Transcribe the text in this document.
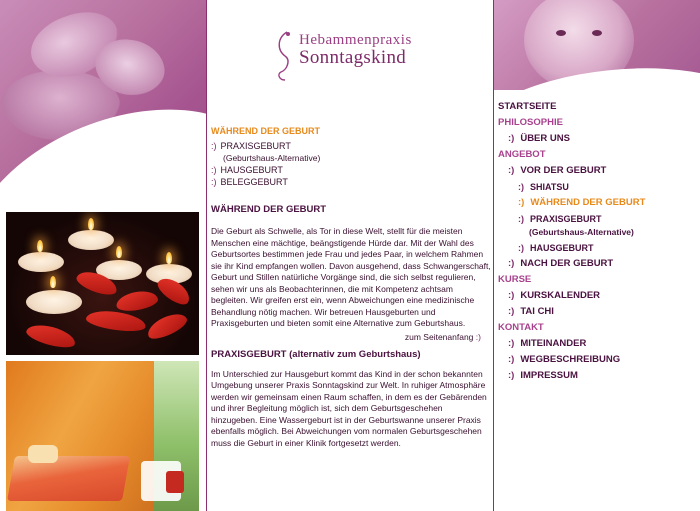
Hebammenpraxis
Sonntagskind
WÄHREND DER GEBURT
:) PRAXISGEBURT
(Geburtshaus-Alternative)
:) HAUSGEBURT
:) BELEGGEBURT
WÄHREND DER GEBURT

Die Geburt als Schwelle, als Tor in diese Welt, stellt für die meisten Menschen eine mächtige, beängstigende Hürde dar. Mit der Wahl des Geburtsortes bestimmen jede Frau und jedes Paar, in welchem Rahmen sie ihr Kind empfangen wollen. Davon ausgehend, dass Schwangerschaft, Geburt und Stillen natürliche Vorgänge sind, die sich selbst regulieren, sehen wir uns als Beobachterinnen, die mit Kompetenz achtsam begleiten. Wir greifen erst ein, wenn Abweichungen eine medizinische Behandlung nötig machen. Wir betreuen Hausgeburten und Praxisgeburten und bieten somit eine Alternative zum Geburtshaus.

zum Seitenanfang :)
PRAXISGEBURT (alternativ zum Geburtshaus)

Im Unterschied zur Hausgeburt kommt das Kind in der schon bekannten Umgebung unserer Praxis Sonntagskind zur Welt. In ruhiger Atmosphäre werden wir gemeinsam einen Raum schaffen, in dem es der Gebärenden und ihrer Begleitung möglich ist, sich dem Geburtsgeschehen hinzugeben. Eine Wassergeburt ist in der Geburtswanne unserer Praxis ebenfalls möglich. Bei Abweichungen vom normalen Geburtsgeschehen muss die Geburt in einer Klinik fortgesetzt werden.

STARTSEITE
PHILOSOPHIE
:) ÜBER UNS
ANGEBOT
:) VOR DER GEBURT
:) SHIATSU
:) WÄHREND DER GEBURT
:) PRAXISGEBURT
(Geburtshaus-Alternative)
:) HAUSGEBURT
:) NACH DER GEBURT
KURSE
:) KURSKALENDER
:) TAI CHI
KONTAKT
:) MITEINANDER
:) WEGBESCHREIBUNG
:) IMPRESSUM
